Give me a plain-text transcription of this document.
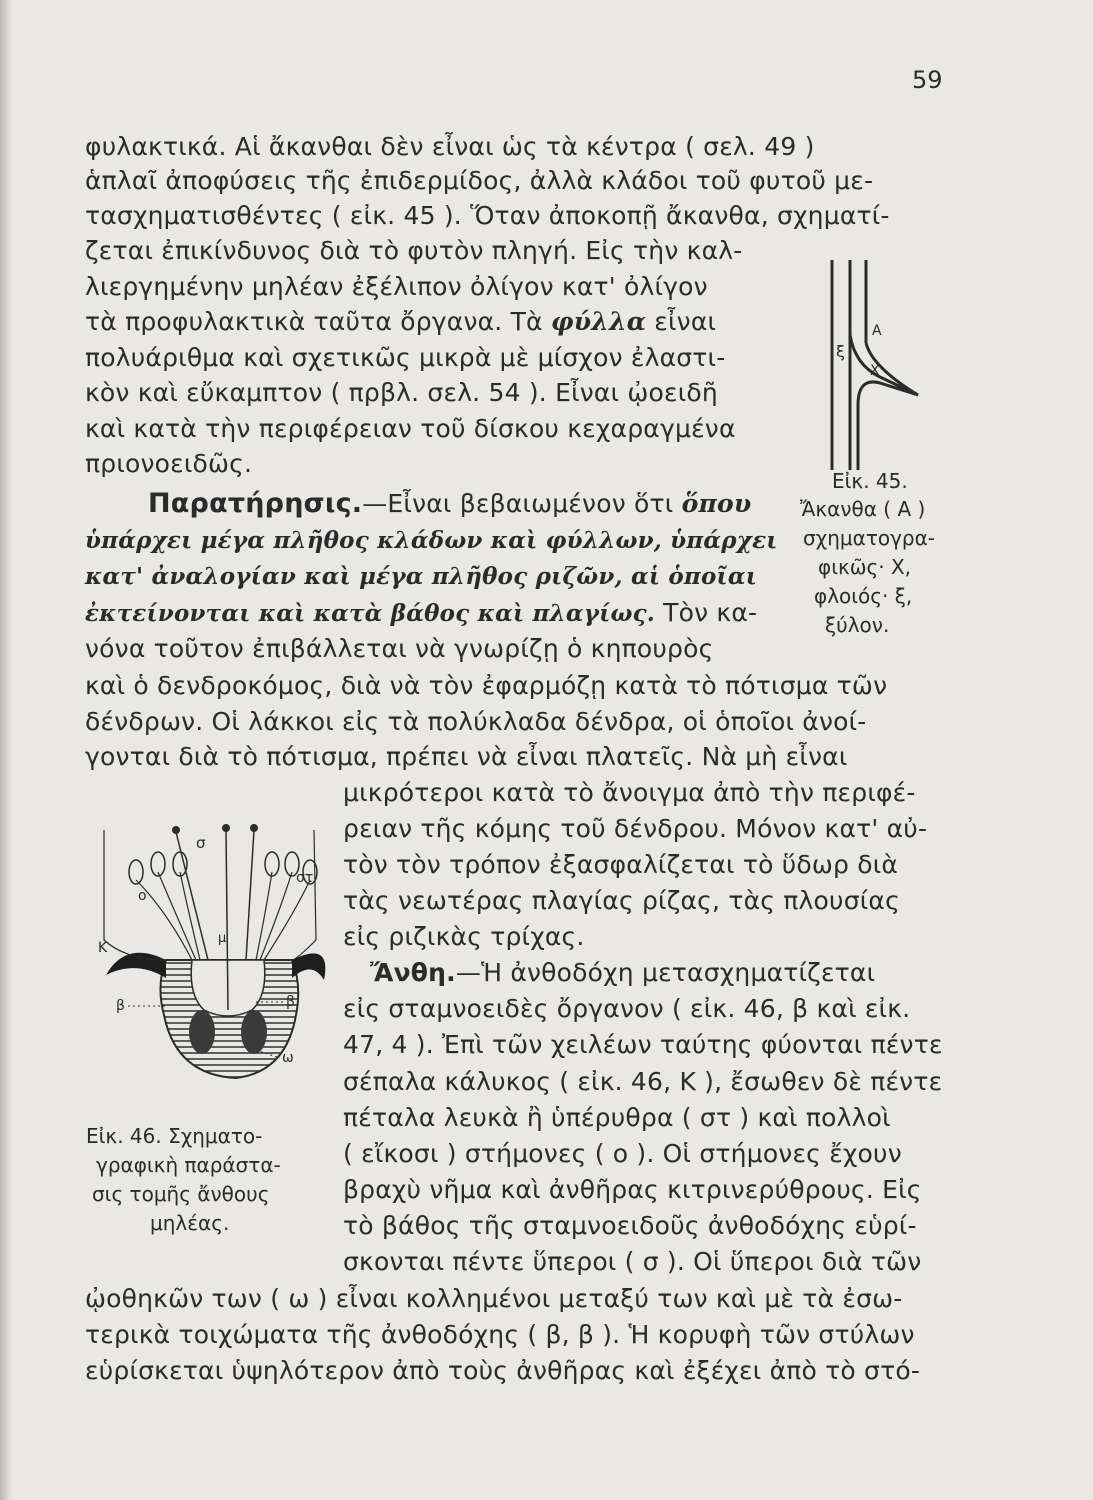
59
φυλακτικά. Αἱ ἄκανθαι δὲν εἶναι ὡς τὰ κέντρα ( σελ. 49 )
ἁπλαῖ ἀποφύσεις τῆς ἐπιδερμίδος, ἀλλὰ κλάδοι τοῦ φυτοῦ με-
τασχηματισθέντες ( εἰκ. 45 ). Ὅταν ἀποκοπῇ ἄκανθα, σχηματί-
ζεται ἐπικίνδυνος διὰ τὸ φυτὸν πληγή. Εἰς τὴν καλ-
λιεργημένην μηλέαν ἐξέλιπον ὀλίγον κατ' ὀλίγον
τὰ προφυλακτικὰ ταῦτα ὄργανα. Τὰ φύλλα εἶναι
πολυάριθμα καὶ σχετικῶς μικρὰ μὲ μίσχον ἐλαστι-
κὸν καὶ εὔκαμπτον ( πρβλ. σελ. 54 ). Εἶναι ᾠοειδῆ
καὶ κατὰ τὴν περιφέρειαν τοῦ δίσκου κεχαραγμένα
πριονοειδῶς.
Παρατήρησις.—Εἶναι βεβαιωμένον ὅτι ὅπου
ὑπάρχει μέγα πλῆθος κλάδων καὶ φύλλων, ὑπάρχει
κατ' ἀναλογίαν καὶ μέγα πλῆθος ριζῶν, αἱ ὁποῖαι
ἐκτείνονται καὶ κατὰ βάθος καὶ πλαγίως. Τὸν κα-
νόνα τοῦτον ἐπιβάλλεται νὰ γνωρίζῃ ὁ κηπουρὸς
καὶ ὁ δενδροκόμος, διὰ νὰ τὸν ἐφαρμόζῃ κατὰ τὸ πότισμα τῶν
δένδρων. Οἱ λάκκοι εἰς τὰ πολύκλαδα δένδρα, οἱ ὁποῖοι ἀνοί-
γονται διὰ τὸ πότισμα, πρέπει νὰ εἶναι πλατεῖς. Νὰ μὴ εἶναι
μικρότεροι κατὰ τὸ ἄνοιγμα ἀπὸ τὴν περιφέ-
ρειαν τῆς κόμης τοῦ δένδρου. Μόνον κατ' αὐ-
τὸν τὸν τρόπον ἐξασφαλίζεται τὸ ὕδωρ διὰ
τὰς νεωτέρας πλαγίας ρίζας, τὰς πλουσίας
εἰς ριζικὰς τρίχας.
Ἄνθη.—Ἡ ἀνθοδόχη μετασχηματίζεται
εἰς σταμνοειδὲς ὄργανον ( εἰκ. 46, β καὶ εἰκ.
47, 4 ). Ἐπὶ τῶν χειλέων ταύτης φύονται πέντε
σέπαλα κάλυκος ( εἰκ. 46, Κ ), ἔσωθεν δὲ πέντε
πέταλα λευκὰ ἢ ὑπέρυθρα ( στ ) καὶ πολλοὶ
( εἴκοσι ) στήμονες ( ο ). Οἱ στήμονες ἔχουν
βραχὺ νῆμα καὶ ἀνθῆρας κιτρινερύθρους. Εἰς
τὸ βάθος τῆς σταμνοειδοῦς ἀνθοδόχης εὑρί-
σκονται πέντε ὕπεροι ( σ ). Οἱ ὕπεροι διὰ τῶν
ᾠοθηκῶν των ( ω ) εἶναι κολλημένοι μεταξύ των καὶ μὲ τὰ ἐσω-
τερικὰ τοιχώματα τῆς ἀνθοδόχης ( β, β ). Ἡ κορυφὴ τῶν στύλων
εὑρίσκεται ὑψηλότερον ἀπὸ τοὺς ἀνθῆρας καὶ ἐξέχει ἀπὸ τὸ στό-
Α
Χ
ξ
Εἰκ. 45.
Ἄκανθα ( Α )
σχηματογρα-
φικῶς· Χ,
φλοιός· ξ,
ξύλον.
σ
στ
ο
μ
Κ
β	β
ω
Εἰκ. 46. Σχηματο-
γραφικὴ παράστα-
σις τομῆς ἄνθους
μηλέας.
